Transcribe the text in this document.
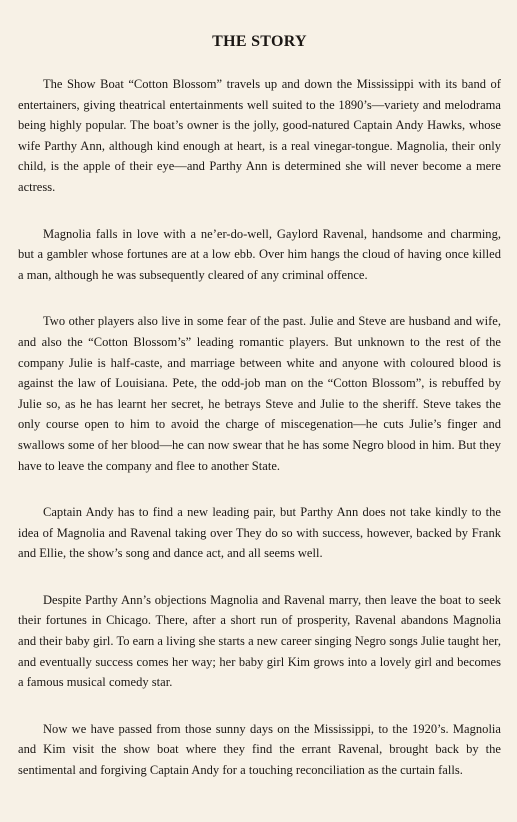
THE STORY

The Show Boat “Cotton Blossom” travels up and down the Mississippi with its band of entertainers, giving theatrical entertainments well suited to the 1890’s—variety and melodrama being highly popular. The boat’s owner is the jolly, good-natured Captain Andy Hawks, whose wife Parthy Ann, although kind enough at heart, is a real vinegar-tongue. Magnolia, their only child, is the apple of their eye—and Parthy Ann is determined she will never become a mere actress.

Magnolia falls in love with a ne’er-do-well, Gaylord Ravenal, handsome and charming, but a gambler whose fortunes are at a low ebb. Over him hangs the cloud of having once killed a man, although he was subsequently cleared of any criminal offence.

Two other players also live in some fear of the past. Julie and Steve are husband and wife, and also the “Cotton Blossom’s” leading romantic players. But unknown to the rest of the company Julie is half-caste, and marriage between white and anyone with coloured blood is against the law of Louisiana. Pete, the odd-job man on the “Cotton Blossom”, is rebuffed by Julie so, as he has learnt her secret, he betrays Steve and Julie to the sheriff. Steve takes the only course open to him to avoid the charge of miscegenation—he cuts Julie’s finger and swallows some of her blood—he can now swear that he has some Negro blood in him. But they have to leave the company and flee to another State.

Captain Andy has to find a new leading pair, but Parthy Ann does not take kindly to the idea of Magnolia and Ravenal taking over They do so with success, however, backed by Frank and Ellie, the show’s song and dance act, and all seems well.

Despite Parthy Ann’s objections Magnolia and Ravenal marry, then leave the boat to seek their fortunes in Chicago. There, after a short run of prosperity, Ravenal abandons Magnolia and their baby girl. To earn a living she starts a new career singing Negro songs Julie taught her, and eventually success comes her way; her baby girl Kim grows into a lovely girl and becomes a famous musical comedy star.

Now we have passed from those sunny days on the Mississippi, to the 1920’s. Magnolia and Kim visit the show boat where they find the errant Ravenal, brought back by the sentimental and forgiving Captain Andy for a touching reconciliation as the curtain falls.
